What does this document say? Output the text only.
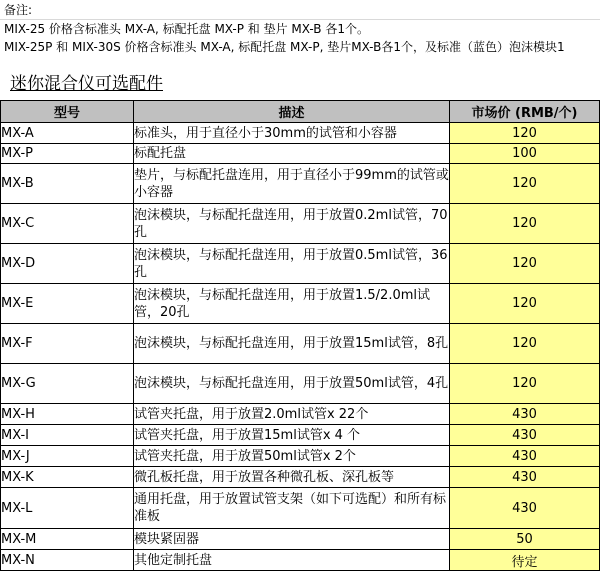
备注:
MIX-25 价格含标准头 MX-A, 标配托盘 MX-P 和 垫片 MX-B 各1个。
MIX-25P 和 MIX-30S 价格含标准头 MX-A, 标配托盘 MX-P, 垫片MX-B各1个，及标准（蓝色）泡沫模块1
迷你混合仪可选配件
型号	描述	市场价 (RMB/个)
MX-A	标准头，用于直径小于30mm的试管和小容器	120
MX-P	标配托盘	100
MX-B	垫片，与标配托盘连用，用于直径小于99mm的试管或小容器	120
MX-C	泡沫模块，与标配托盘连用，用于放置0.2ml试管，70孔	120
MX-D	泡沫模块，与标配托盘连用，用于放置0.5ml试管，36孔	120
MX-E	泡沫模块，与标配托盘连用，用于放置1.5/2.0ml试管，20孔	120
MX-F	泡沫模块，与标配托盘连用，用于放置15ml试管，8孔	120
MX-G	泡沫模块，与标配托盘连用，用于放置50ml试管，4孔	120
MX-H	试管夹托盘，用于放置2.0ml试管x 22个	430
MX-I	试管夹托盘，用于放置15ml试管x 4 个	430
MX-J	试管夹托盘，用于放置50ml试管x 2个	430
MX-K	微孔板托盘，用于放置各种微孔板、深孔板等	430
MX-L	通用托盘，用于放置试管支架（如下可选配）和所有标准板	430
MX-M	模块紧固器	50
MX-N	其他定制托盘	待定
